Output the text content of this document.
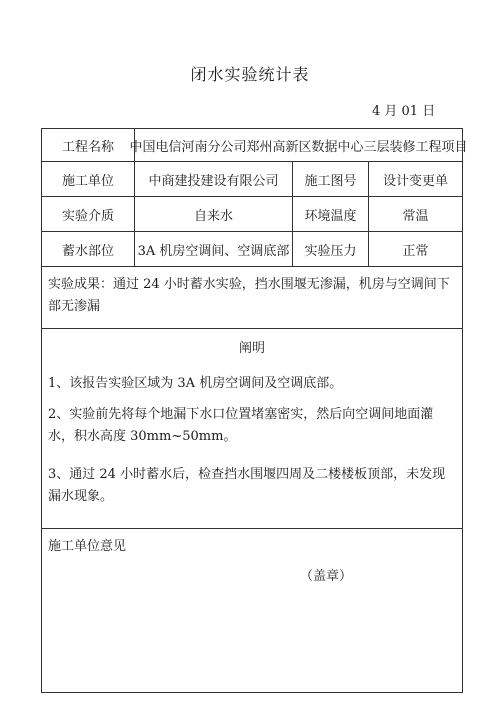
闭水实验统计表
4 月 01 日
工程名称	中国电信河南分公司郑州高新区数据中心三层装修工程项目
施工单位	中商建投建设有限公司	施工图号	设计变更单
实验介质	自来水	环境温度	常温
蓄水部位	3A 机房空调间、空调底部	实验压力	正常
实验成果：通过 24 小时蓄水实验，挡水围堰无渗漏，机房与空调间下部无渗漏
阐明
1、该报告实验区域为 3A 机房空调间及空调底部。
2、实验前先将每个地漏下水口位置堵塞密实，然后向空调间地面灌水，积水高度 30mm~50mm。
3、通过 24 小时蓄水后，检查挡水围堰四周及二楼楼板顶部，未发现漏水现象。
施工单位意见
（盖章）
